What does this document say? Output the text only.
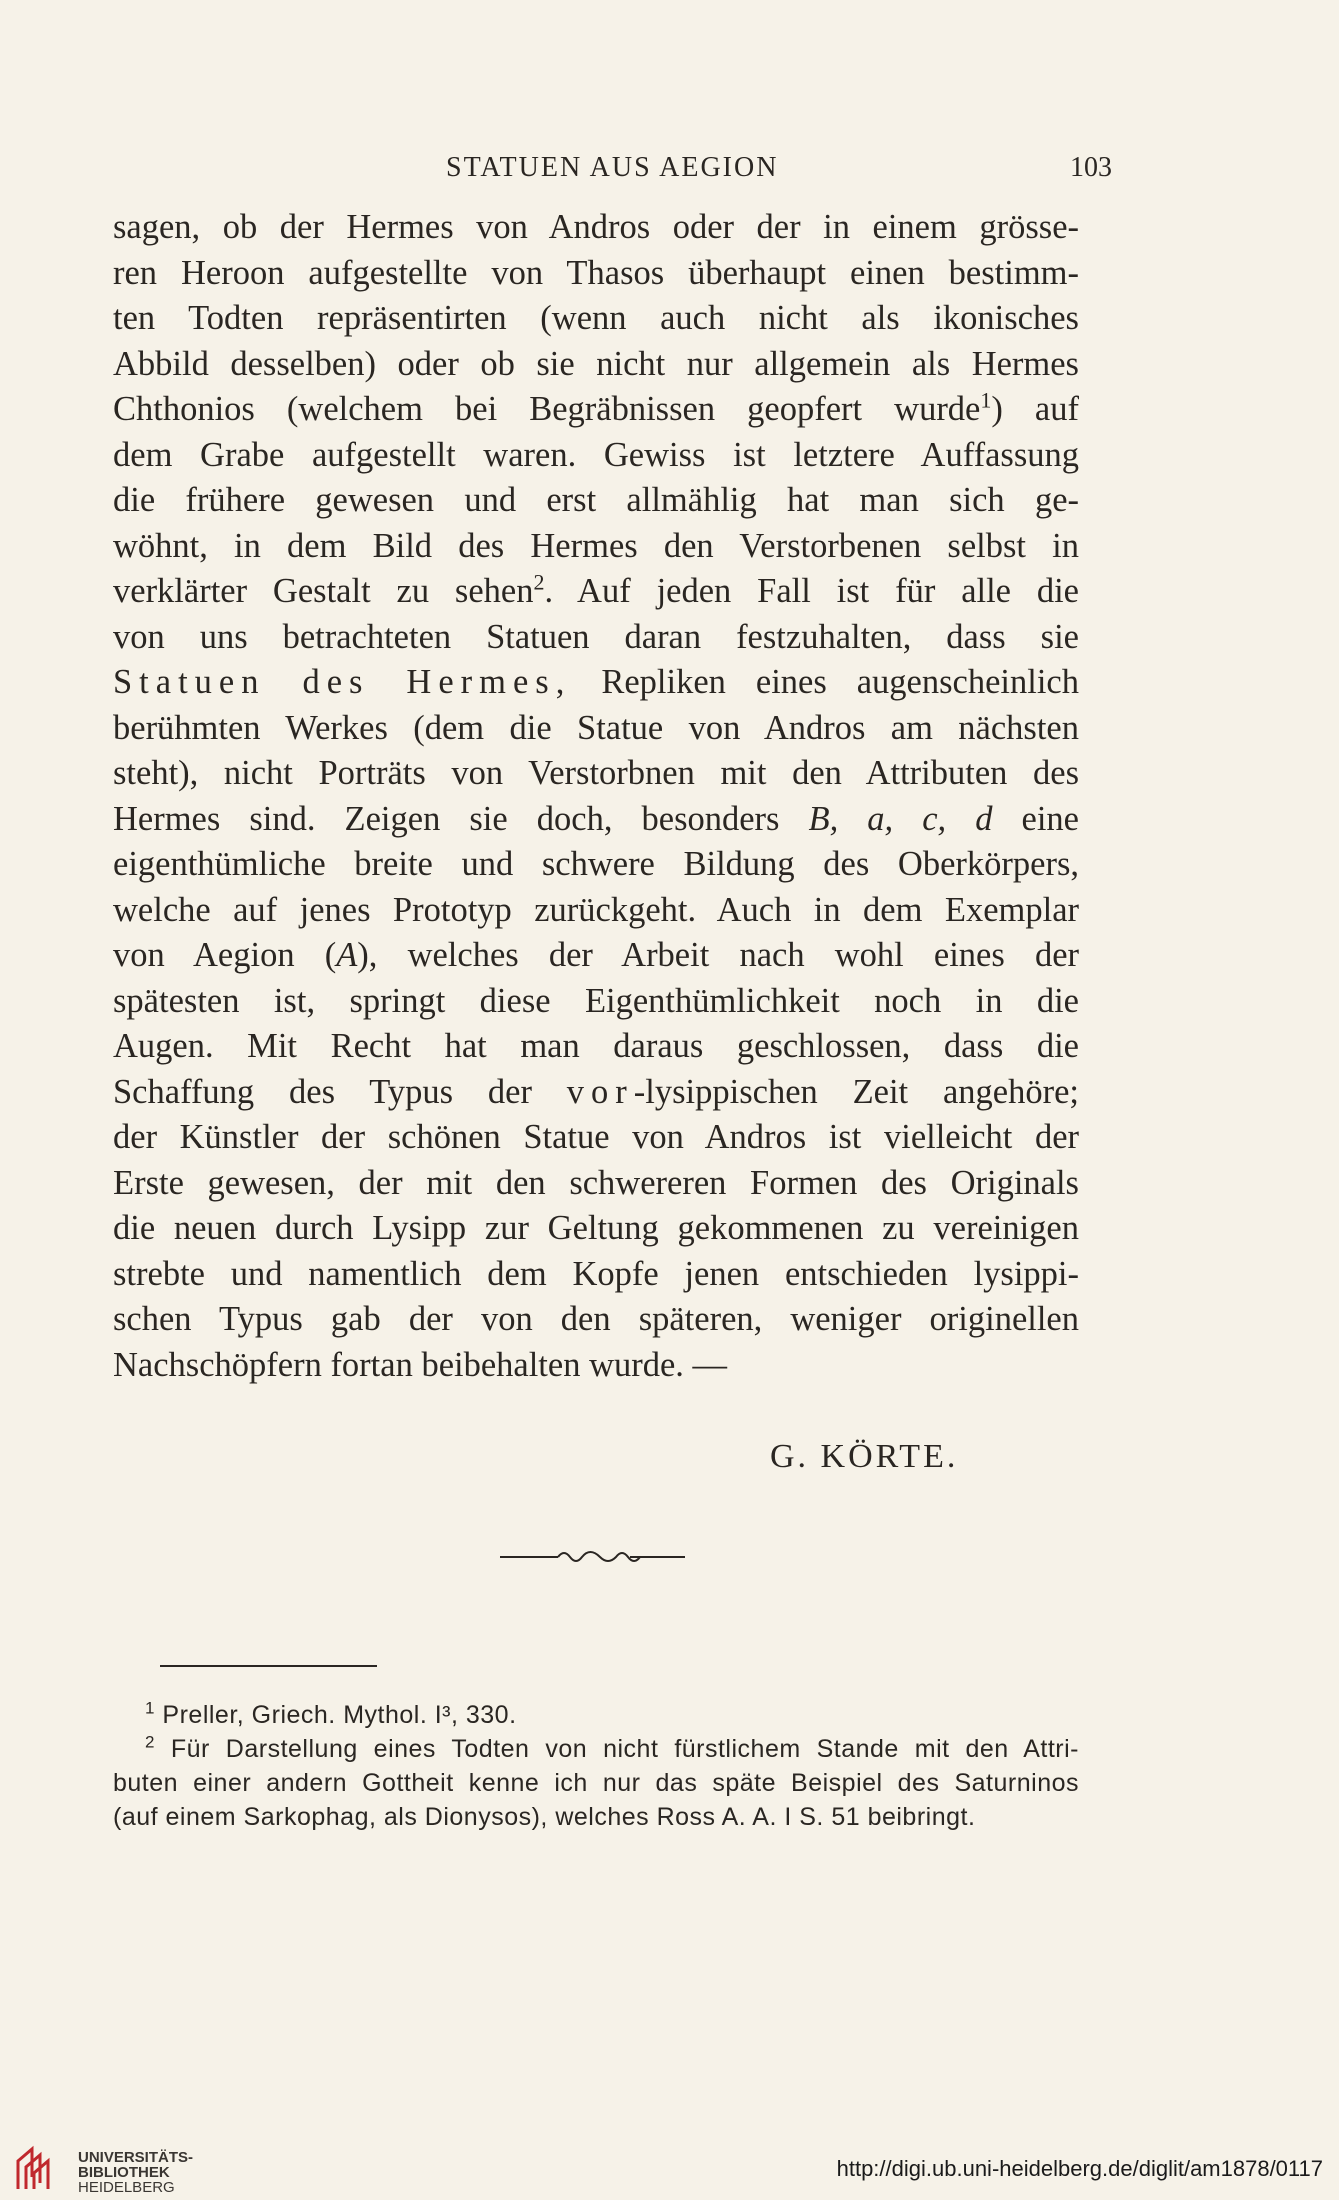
STATUEN AUS AEGION	103
sagen, ob der Hermes von Andros oder der in einem grösse-
ren Heroon aufgestellte von Thasos überhaupt einen bestimm-
ten Todten repräsentirten (wenn auch nicht als ikonisches
Abbild desselben) oder ob sie nicht nur allgemein als Hermes
Chthonios (welchem bei Begräbnissen geopfert wurde$^1$) auf
dem Grabe aufgestellt waren. Gewiss ist letztere Auffassung
die frühere gewesen und erst allmählig hat man sich ge-
wöhnt, in dem Bild des Hermes den Verstorbenen selbst in
verklärter Gestalt zu sehen$^2$. Auf jeden Fall ist für alle die
von uns betrachteten Statuen daran festzuhalten, dass sie
Statuen des Hermes, Repliken eines augenscheinlich
berühmten Werkes (dem die Statue von Andros am nächsten
steht), nicht Porträts von Verstorbnen mit den Attributen des
Hermes sind. Zeigen sie doch, besonders B, a, c, d eine
eigenthümliche breite und schwere Bildung des Oberkörpers,
welche auf jenes Prototyp zurückgeht. Auch in dem Exemplar
von Aegion (A), welches der Arbeit nach wohl eines der
spätesten ist, springt diese Eigenthümlichkeit noch in die
Augen. Mit Recht hat man daraus geschlossen, dass die
Schaffung des Typus der vor-lysippischen Zeit angehöre;
der Künstler der schönen Statue von Andros ist vielleicht der
Erste gewesen, der mit den schwereren Formen des Originals
die neuen durch Lysipp zur Geltung gekommenen zu vereinigen
strebte und namentlich dem Kopfe jenen entschieden lysippi-
schen Typus gab der von den späteren, weniger originellen
Nachschöpfern fortan beibehalten wurde. —
G. KÖRTE.
$^1$ Preller, Griech. Mythol. I³, 330.
$^2$ Für Darstellung eines Todten von nicht fürstlichem Stande mit den Attri-
buten einer andern Gottheit kenne ich nur das späte Beispiel des Saturninos
(auf einem Sarkophag, als Dionysos), welches Ross A. A. I S. 51 beibringt.
UNIVERSITÄTS-
BIBLIOTHEK
HEIDELBERG
http://digi.ub.uni-heidelberg.de/diglit/am1878/0117
